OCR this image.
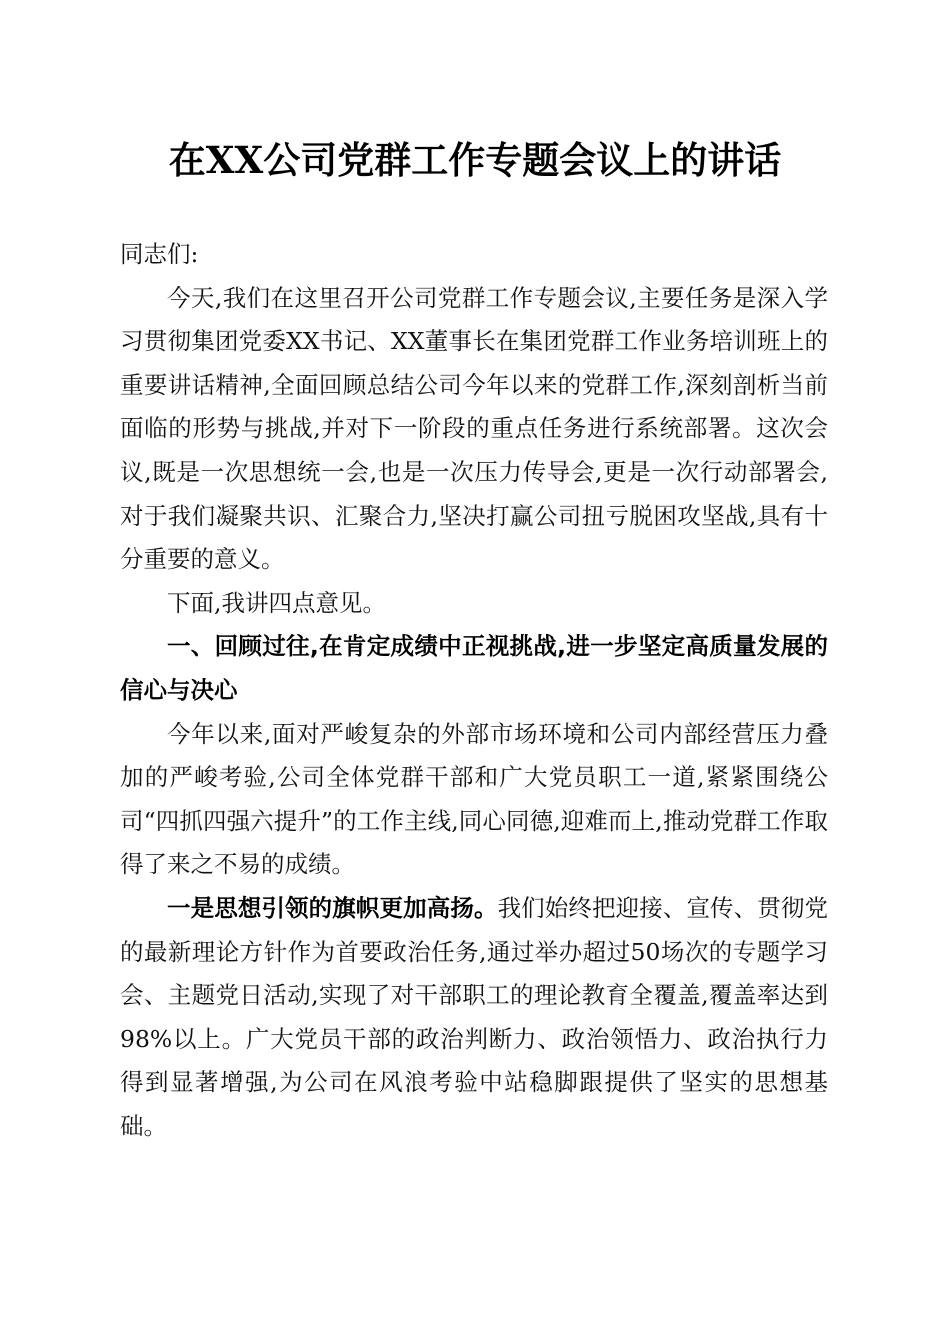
在XX公司党群工作专题会议上的讲话

同志们:

今天,我们在这里召开公司党群工作专题会议,主要任务是深入学习贯彻集团党委XX书记、XX董事长在集团党群工作业务培训班上的重要讲话精神,全面回顾总结公司今年以来的党群工作,深刻剖析当前面临的形势与挑战,并对下一阶段的重点任务进行系统部署。这次会议,既是一次思想统一会,也是一次压力传导会,更是一次行动部署会,对于我们凝聚共识、汇聚合力,坚决打赢公司扭亏脱困攻坚战,具有十分重要的意义。

下面,我讲四点意见。

一、回顾过往,在肯定成绩中正视挑战,进一步坚定高质量发展的信心与决心

今年以来,面对严峻复杂的外部市场环境和公司内部经营压力叠加的严峻考验,公司全体党群干部和广大党员职工一道,紧紧围绕公司“四抓四强六提升”的工作主线,同心同德,迎难而上,推动党群工作取得了来之不易的成绩。

一是思想引领的旗帜更加高扬。我们始终把迎接、宣传、贯彻党的最新理论方针作为首要政治任务,通过举办超过50场次的专题学习会、主题党日活动,实现了对干部职工的理论教育全覆盖,覆盖率达到98%以上。广大党员干部的政治判断力、政治领悟力、政治执行力得到显著增强,为公司在风浪考验中站稳脚跟提供了坚实的思想基础。
